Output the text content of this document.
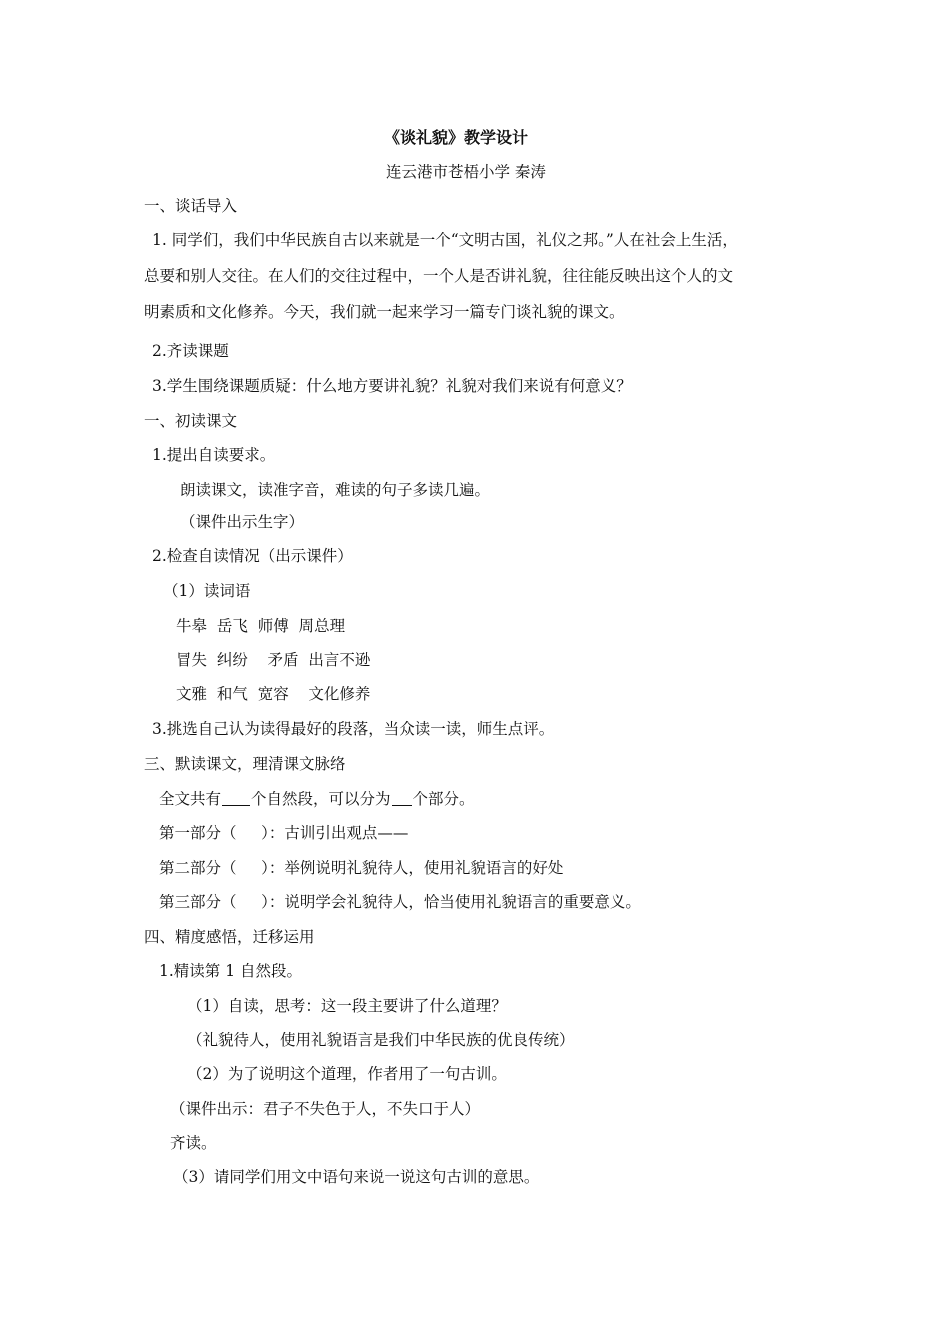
《谈礼貌》教学设计
连云港市苍梧小学 秦涛
一、谈话导入
1. 同学们，我们中华民族自古以来就是一个“文明古国，礼仪之邦。”人在社会上生活，
总要和别人交往。在人们的交往过程中，一个人是否讲礼貌，往往能反映出这个人的文
明素质和文化修养。今天，我们就一起来学习一篇专门谈礼貌的课文。
2.齐读课题
3.学生围绕课题质疑：什么地方要讲礼貌？礼貌对我们来说有何意义？
一、初读课文
1.提出自读要求。
朗读课文，读准字音，难读的句子多读几遍。
（课件出示生字）
2.检查自读情况（出示课件）
（1）读词语
牛皋  岳飞  师傅  周总理
冒失  纠纷    矛盾  出言不逊
文雅  和气  宽容    文化修养
3.挑选自己认为读得最好的段落，当众读一读，师生点评。
三、默读课文，理清课文脉络
全文共有 个自然段，可以分为 个部分。
第一部分（     ）：古训引出观点——
第二部分（     ）：举例说明礼貌待人，使用礼貌语言的好处
第三部分（     ）：说明学会礼貌待人，恰当使用礼貌语言的重要意义。
四、精度感悟，迁移运用
1.精读第 1 自然段。
（1）自读，思考：这一段主要讲了什么道理？
（礼貌待人，使用礼貌语言是我们中华民族的优良传统）
（2）为了说明这个道理，作者用了一句古训。
（课件出示：君子不失色于人，不失口于人）
齐读。
（3）请同学们用文中语句来说一说这句古训的意思。
